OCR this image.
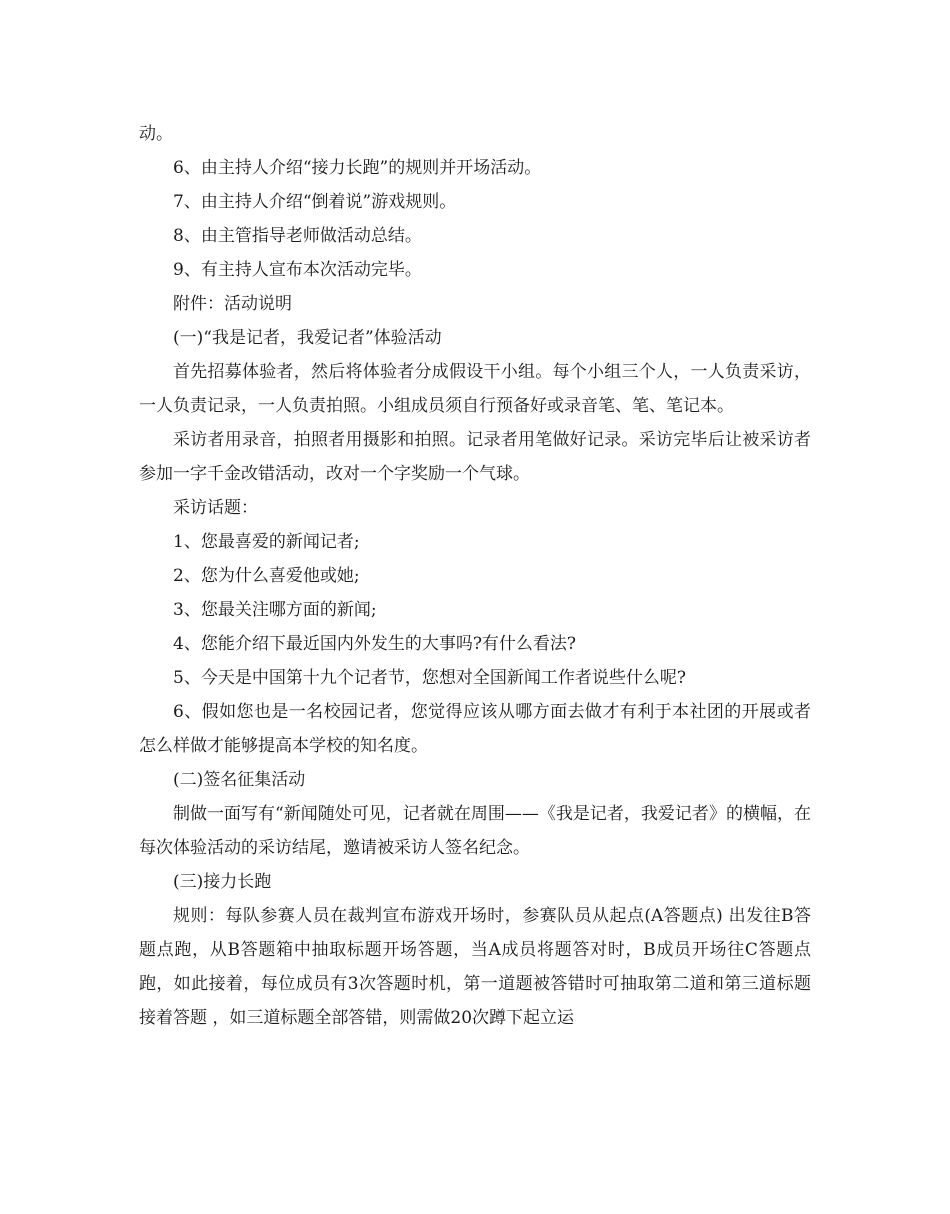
动。

6、由主持人介绍“接力长跑”的规则并开场活动。

7、由主持人介绍“倒着说”游戏规则。

8、由主管指导老师做活动总结。

9、有主持人宣布本次活动完毕。

附件：活动说明

(一)“我是记者，我爱记者”体验活动

首先招募体验者，然后将体验者分成假设干小组。每个小组三个人，一人负责采访，一人负责记录，一人负责拍照。小组成员须自行预备好或录音笔、笔、笔记本。

采访者用录音，拍照者用摄影和拍照。记录者用笔做好记录。采访完毕后让被采访者参加一字千金改错活动，改对一个字奖励一个气球。

采访话题：

1、您最喜爱的新闻记者;

2、您为什么喜爱他或她;

3、您最关注哪方面的新闻;

4、您能介绍下最近国内外发生的大事吗?有什么看法?

5、今天是中国第十九个记者节，您想对全国新闻工作者说些什么呢?

6、假如您也是一名校园记者，您觉得应该从哪方面去做才有利于本社团的开展或者怎么样做才能够提高本学校的知名度。

(二)签名征集活动

制做一面写有“新闻随处可见，记者就在周围——《我是记者，我爱记者》的横幅，在每次体验活动的采访结尾，邀请被采访人签名纪念。

(三)接力长跑

规则：每队参赛人员在裁判宣布游戏开场时，参赛队员从起点(A答题点) 出发往B答题点跑，从B答题箱中抽取标题开场答题，当A成员将题答对时，B成员开场往C答题点跑，如此接着，每位成员有3次答题时机，第一道题被答错时可抽取第二道和第三道标题接着答题 ，如三道标题全部答错，则需做20次蹲下起立运
